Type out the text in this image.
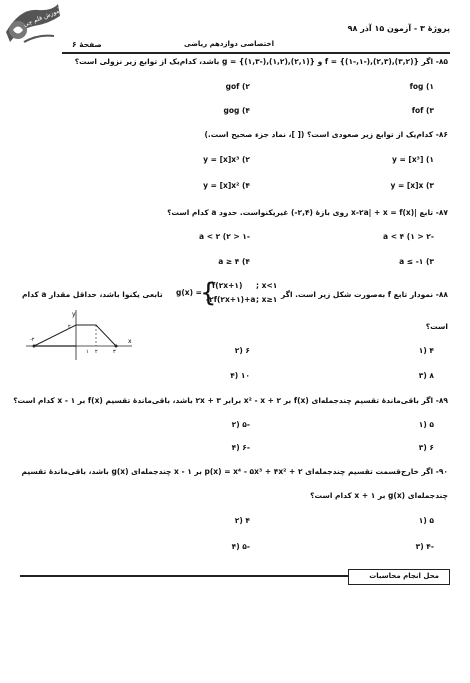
بنیاد آموزش قلم چی
پروژهٔ ۳ - آزمون ۱۵ آذر ۹۸
اختصاصی دوازدهم ریاضی
صفحهٔ ۶
۸۵- اگر {(۳,۲),(۲,۳),(-۱,-۱)} = f و {(۲,۱),(۱,۲),(-۱,۳)} = g باشد، کدام‌یک از توابع زیر نزولی است؟
fog (۱
gof (۲
fof (۳
gog (۴
۸۶- کدام‌یک از توابع زیر صعودی است؟ ([ ]، نماد جزء صحیح است.)
y = [x³] (۱
y = [x]x³ (۲
y = [x]x (۳
y = [x]x² (۴
۸۷- تابع |x-۲a| + x = f(x) روی بازهٔ (۲,۴-) غیریکنواست. حدود a کدام است؟
-۲ < a < ۴ (۱
-۱ < a < ۲ (۲
a ≤ -۱ (۳
a ≥ ۴ (۴
۸۸- نمودار تابع f به‌صورت شکل زیر است. اگر
g(x) =
{
f(۲x+۱) x<۱ ;
-۲f(۲x+۱)+a x≥۱ ;
تابعی یکنوا باشد، حداقل مقدار a کدام
است؟
y
x
-۲
۱ ۲	۳
۲
۴ (۱
۶ (۲
۸ (۳
۱۰ (۴
۸۹- اگر باقی‌ماندهٔ تقسیم چندجمله‌ای f(x) بر x² - x + ۲ برابر ۳ + ۲x باشد، باقی‌ماندهٔ تقسیم f(x) بر x - ۱ کدام است؟
۵ (۱
-۵ (۲
۶ (۳
-۶ (۴
۹۰- اگر خارج‌قسمت تقسیم چندجمله‌ای p(x) = x⁴ - ۵x³ + ۴x² + ۲ بر x - ۱ چندجمله‌ای g(x) باشد، باقی‌ماندهٔ تقسیم
چندجمله‌ای g(x) بر x + ۱ کدام است؟
۵ (۱
۴ (۲
-۴ (۳
-۵ (۴
محل انجام محاسبات
